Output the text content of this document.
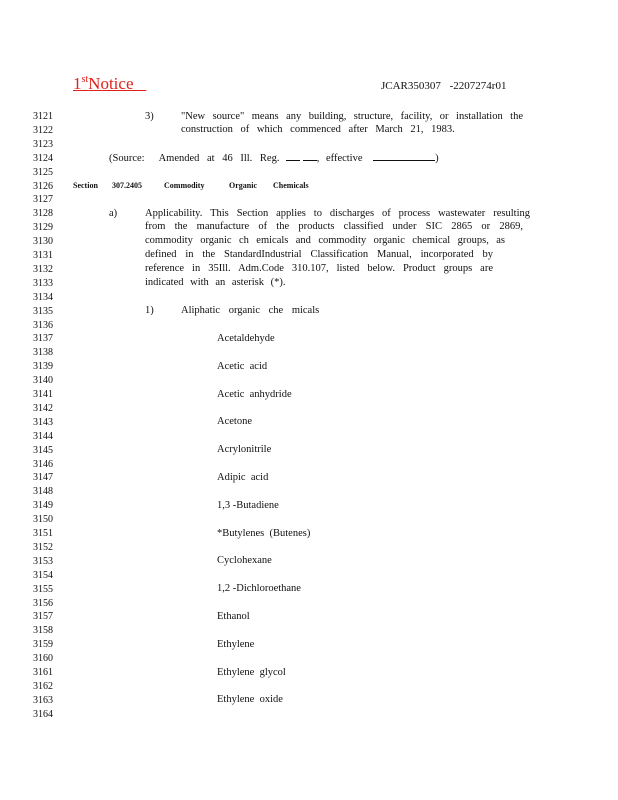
1stNotice	JCAR350307 -2207274r01
3121
3122
3123
3124
3125
3126
3127
3128
3129
3130
3131
3132
3133
3134
3135
3136
3137
3138
3139
3140
3141
3142
3143
3144
3145
3146
3147
3148
3149
3150
3151
3152
3153
3154
3155
3156
3157
3158
3159
3160
3161
3162
3163
3164
3)	"New source" means any building, structure, facility, or installation the
construction of which commenced after March 21, 1983.
(Source: Amended at 46 Ill. Reg.	, effective	)
Section 307.2405	Commodity	Organic Chemicals
a)	Applicability. This Section applies to discharges of process wastewater resulting
from the manufacture of the products classified under SIC 2865 or 2869,
commodity organic ch emicals and commodity organic chemical groups, as
defined in the StandardIndustrial Classification Manual, incorporated by
reference in 35Ill. Adm.Code 310.107, listed below. Product groups are
indicated with an asterisk (*).
1)	Aliphatic organic che micals
Acetaldehyde
Acetic  acid
Acetic  anhydride
Acetone
Acrylonitrile
Adipic  acid
1,3 -Butadiene
*Butylenes  (Butenes)
Cyclohexane
1,2 -Dichloroethane
Ethanol
Ethylene
Ethylene  glycol
Ethylene  oxide
